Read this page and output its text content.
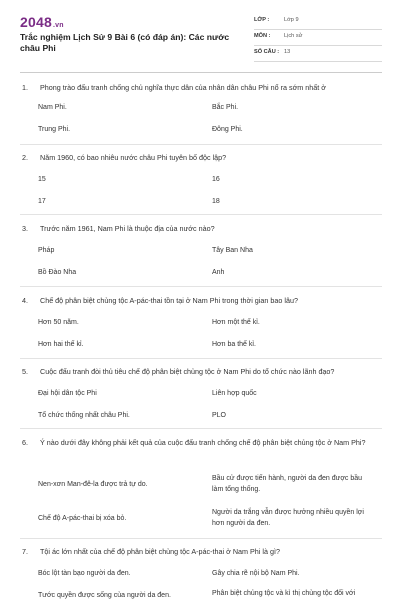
2048.vn
Trắc nghiệm Lịch Sử 9 Bài 6 (có đáp án): Các nước châu Phi
LỚP :	Lớp 9
MÔN : Lịch sử
SỐ CÂU : 13
1. Phong trào đấu tranh chống chủ nghĩa thực dân của nhân dân châu Phi nổ ra sớm nhất ở
Nam Phi.	Bắc Phi.
Trung Phi.	Đông Phi.
2. Năm 1960, có bao nhiêu nước châu Phi tuyên bố độc lập?
15	16
17	18
3. Trước năm 1961, Nam Phi là thuộc địa của nước nào?
Pháp	Tây Ban Nha
Bồ Đào Nha	Anh
4. Chế độ phân biệt chủng tộc A-pác-thai tồn tại ở Nam Phi trong thời gian bao lâu?
Hơn 50 năm.	Hơn một thế kỉ.
Hơn hai thế kỉ.	Hơn ba thế kỉ.
5. Cuộc đấu tranh đòi thủ tiêu chế độ phân biệt chủng tộc ở Nam Phi do tổ chức nào lãnh đạo?
Đại hội dân tộc Phi	Liên hợp quốc
Tổ chức thống nhất châu Phi.	PLO
6. Ý nào dưới đây không phải kết quả của cuộc đấu tranh chống chế độ phân biệt chủng tộc ở Nam Phi?
Nen-xơn Man-đê-la được trả tự do.
Bầu cử được tiến hành, người da đen được bầu làm tổng thống.
Chế độ A-pác-thai bị xóa bỏ.
Người da trắng vẫn được hưởng nhiều quyền lợi hơn người da đen.
7. Tội ác lớn nhất của chế độ phân biệt chủng tộc A-pác-thai ở Nam Phi là gì?
Bóc lột tàn bạo người da đen.	Gây chia rẽ nội bộ Nam Phi.
Tước quyền được sống của người da đen.	Phân biệt chủng tộc và kì thị chủng tộc đối với
